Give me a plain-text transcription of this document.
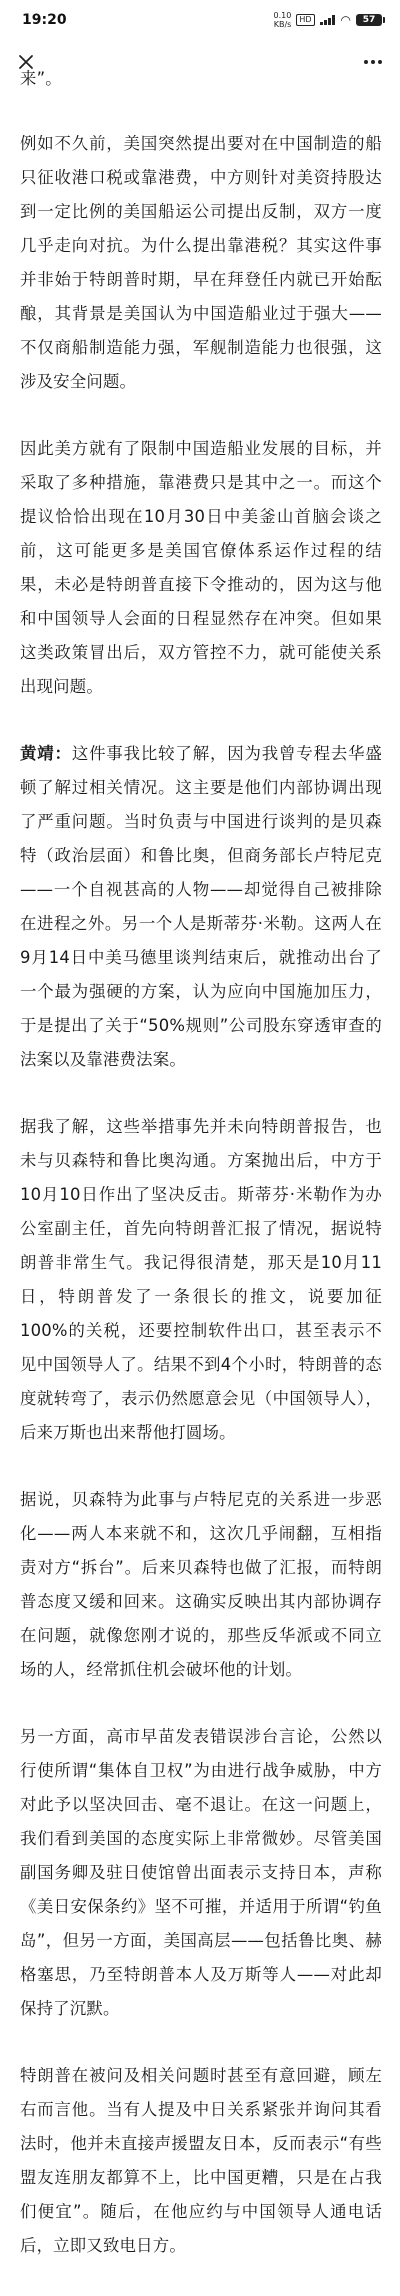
19:20	0.10
KB/s
HD ◠	57

来”。

例如不久前，美国突然提出要对在中国制造的船只征收港口税或靠港费，中方则针对美资持股达到一定比例的美国船运公司提出反制，双方一度几乎走向对抗。为什么提出靠港税？其实这件事并非始于特朗普时期，早在拜登任内就已开始酝酿，其背景是美国认为中国造船业过于强大——不仅商船制造能力强，军舰制造能力也很强，这涉及安全问题。

因此美方就有了限制中国造船业发展的目标，并采取了多种措施，靠港费只是其中之一。而这个提议恰恰出现在10月30日中美釜山首脑会谈之前，这可能更多是美国官僚体系运作过程的结果，未必是特朗普直接下令推动的，因为这与他和中国领导人会面的日程显然存在冲突。但如果这类政策冒出后，双方管控不力，就可能使关系出现问题。

黄靖：这件事我比较了解，因为我曾专程去华盛顿了解过相关情况。这主要是他们内部协调出现了严重问题。当时负责与中国进行谈判的是贝森特（政治层面）和鲁比奥，但商务部长卢特尼克——一个自视甚高的人物——却觉得自己被排除在进程之外。另一个人是斯蒂芬·米勒。这两人在9月14日中美马德里谈判结束后，就推动出台了一个最为强硬的方案，认为应向中国施加压力，于是提出了关于“50%规则”公司股东穿透审查的法案以及靠港费法案。

据我了解，这些举措事先并未向特朗普报告，也未与贝森特和鲁比奥沟通。方案抛出后，中方于10月10日作出了坚决反击。斯蒂芬·米勒作为办公室副主任，首先向特朗普汇报了情况，据说特朗普非常生气。我记得很清楚，那天是10月11日，特朗普发了一条很长的推文，说要加征100%的关税，还要控制软件出口，甚至表示不见中国领导人了。结果不到4个小时，特朗普的态度就转弯了，表示仍然愿意会见（中国领导人），后来万斯也出来帮他打圆场。

据说，贝森特为此事与卢特尼克的关系进一步恶化——两人本来就不和，这次几乎闹翻，互相指责对方“拆台”。后来贝森特也做了汇报，而特朗普态度又缓和回来。这确实反映出其内部协调存在问题，就像您刚才说的，那些反华派或不同立场的人，经常抓住机会破坏他的计划。

另一方面，高市早苗发表错误涉台言论，公然以行使所谓“集体自卫权”为由进行战争威胁，中方对此予以坚决回击、毫不退让。在这一问题上，我们看到美国的态度实际上非常微妙。尽管美国副国务卿及驻日使馆曾出面表示支持日本，声称《美日安保条约》坚不可摧，并适用于所谓“钓鱼岛”，但另一方面，美国高层——包括鲁比奥、赫格塞思，乃至特朗普本人及万斯等人——对此却保持了沉默。

特朗普在被问及相关问题时甚至有意回避，顾左右而言他。当有人提及中日关系紧张并询问其看法时，他并未直接声援盟友日本，反而表示“有些盟友连朋友都算不上，比中国更糟，只是在占我们便宜”。随后，在他应约与中国领导人通电话后，立即又致电日方。
